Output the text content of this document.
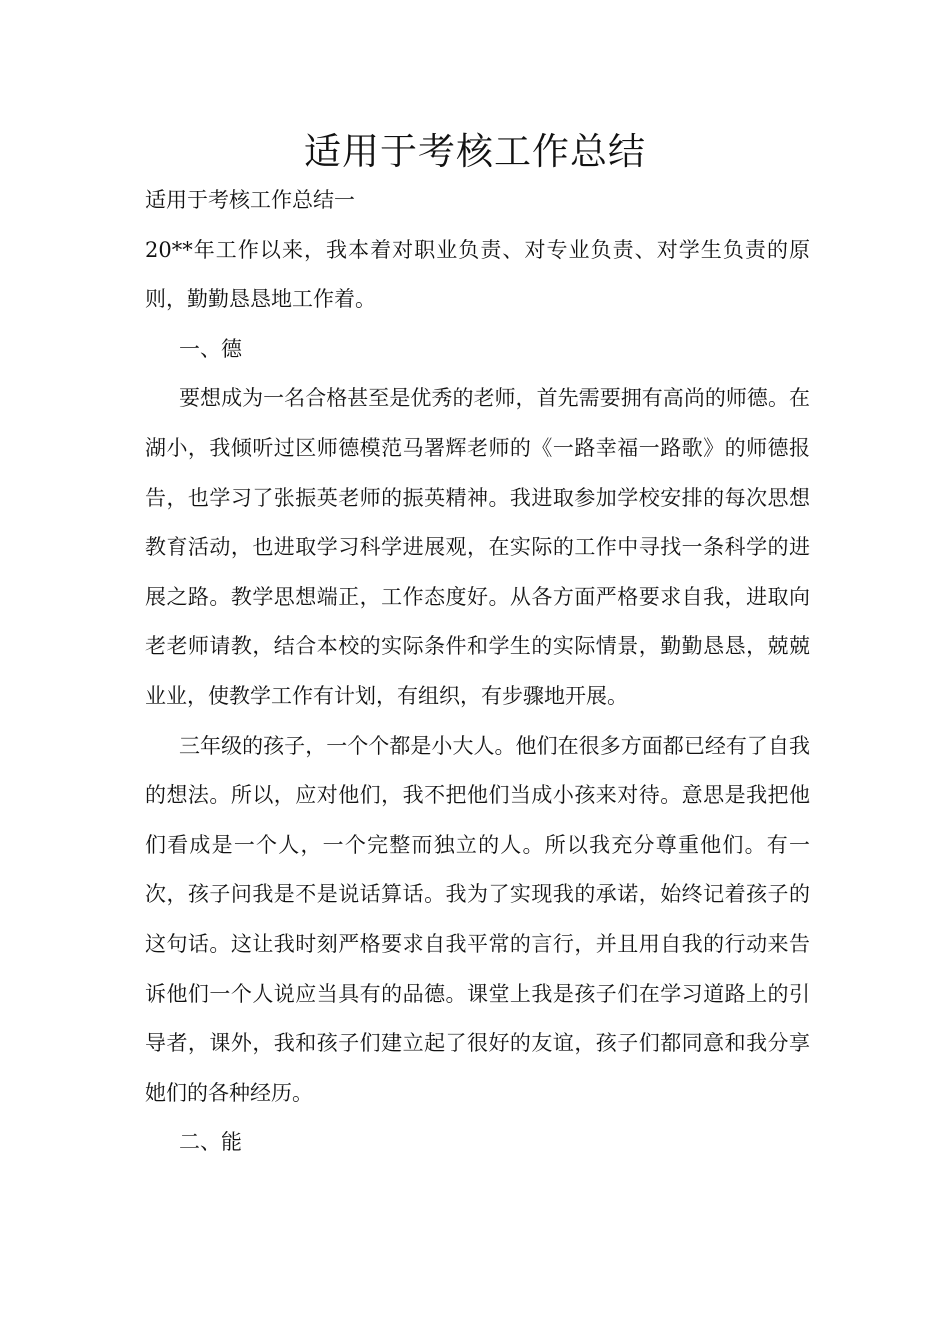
适用于考核工作总结

适用于考核工作总结一

20**年工作以来，我本着对职业负责、对专业负责、对学生负责的原则，勤勤恳恳地工作着。

一、德

要想成为一名合格甚至是优秀的老师，首先需要拥有高尚的师德。在湖小，我倾听过区师德模范马署辉老师的《一路幸福一路歌》的师德报告，也学习了张振英老师的振英精神。我进取参加学校安排的每次思想教育活动，也进取学习科学进展观，在实际的工作中寻找一条科学的进展之路。教学思想端正，工作态度好。从各方面严格要求自我，进取向老老师请教，结合本校的实际条件和学生的实际情景，勤勤恳恳，兢兢业业，使教学工作有计划，有组织，有步骤地开展。

三年级的孩子，一个个都是小大人。他们在很多方面都已经有了自我的想法。所以，应对他们，我不把他们当成小孩来对待。意思是我把他们看成是一个人，一个完整而独立的人。所以我充分尊重他们。有一次，孩子问我是不是说话算话。我为了实现我的承诺，始终记着孩子的这句话。这让我时刻严格要求自我平常的言行，并且用自我的行动来告诉他们一个人说应当具有的品德。课堂上我是孩子们在学习道路上的引导者，课外，我和孩子们建立起了很好的友谊，孩子们都同意和我分享她们的各种经历。

二、能
